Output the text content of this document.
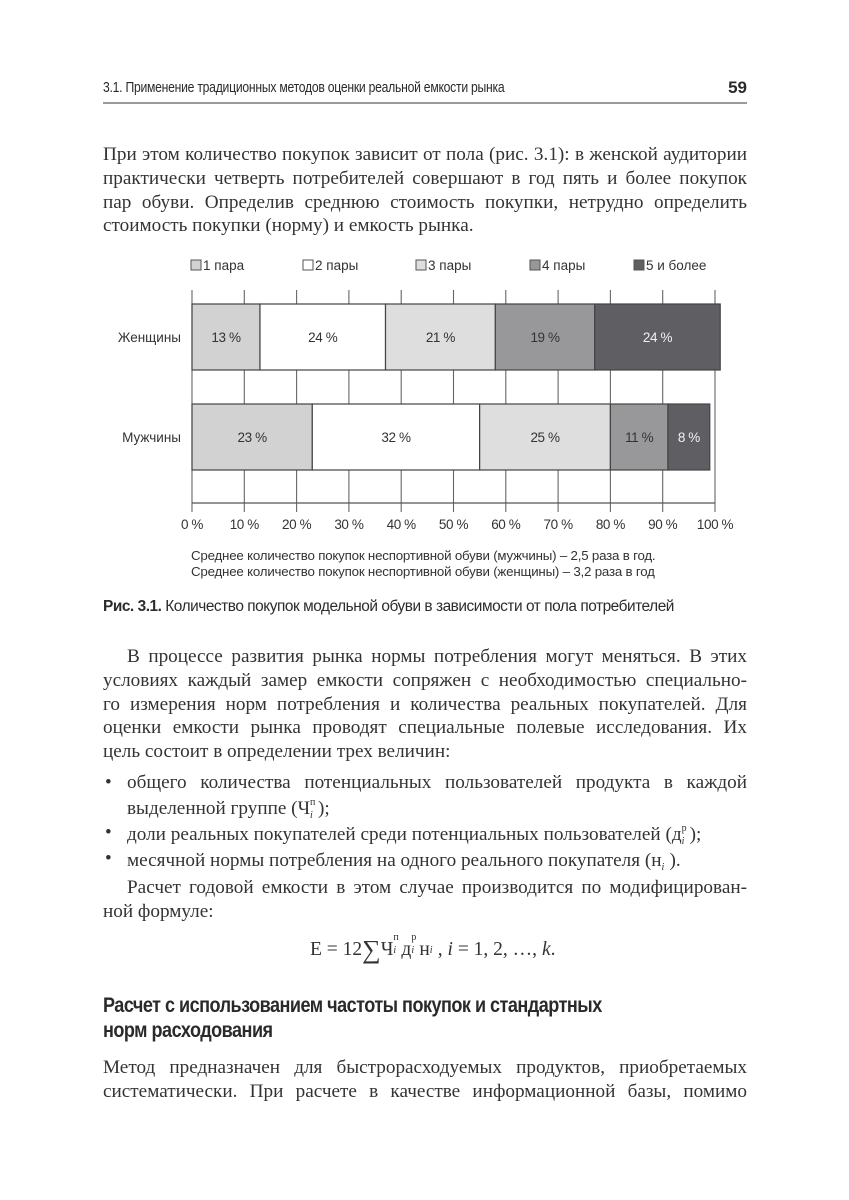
3.1. Применение традиционных методов оценки реальной емкости рынка	59
При этом количество покупок зависит от пола (рис. 3.1): в женской аудитории
практически четверть потребителей совершают в год пять и более покупок
пар обуви. Определив среднюю стоимость покупки, нетрудно определить
стоимость покупки (норму) и емкость рынка.
1 пара	2 пары	3 пары	4 пары	5 и более
13 %	24 %	21 %	19 %	24 %
23 %	32 %	25 %	11 % 8 %
0 % 10 % 20 % 30 % 40 % 50 % 60 % 70 % 80 % 90 % 100 %
Женщины
Мужчины
Среднее количество покупок неспортивной обуви (мужчины) – 2,5 раза в год.
Среднее количество покупок неспортивной обуви (женщины) – 3,2 раза в год
Рис. 3.1. Количество покупок модельной обуви в зависимости от пола потребителей
В процессе развития рынка нормы потребления могут меняться. В этих
условиях каждый замер емкости сопряжен с необходимостью специально-
го измерения норм потребления и количества реальных покупателей. Для
оценки емкости рынка проводят специальные полевые исследования. Их
цель состоит в определении трех величин:
• общего количества потенциальных пользователей продукта в каждой
выделенной группе (Ч п
i );
• доли реальных покупателей среди потенциальных пользователей (д р
i );
• месячной нормы потребления на одного реального покупателя (н i ).
Расчет годовой емкости в этом случае производится по модифицирован-
ной формуле:
E = 12∑Ч
п
i д
р
i н i , i = 1, 2, …, k.
Расчет с использованием частоты покупок и стандартных
норм расходования
Метод предназначен для быстрорасходуемых продуктов, приобретаемых
систематически. При расчете в качестве информационной базы, помимо
